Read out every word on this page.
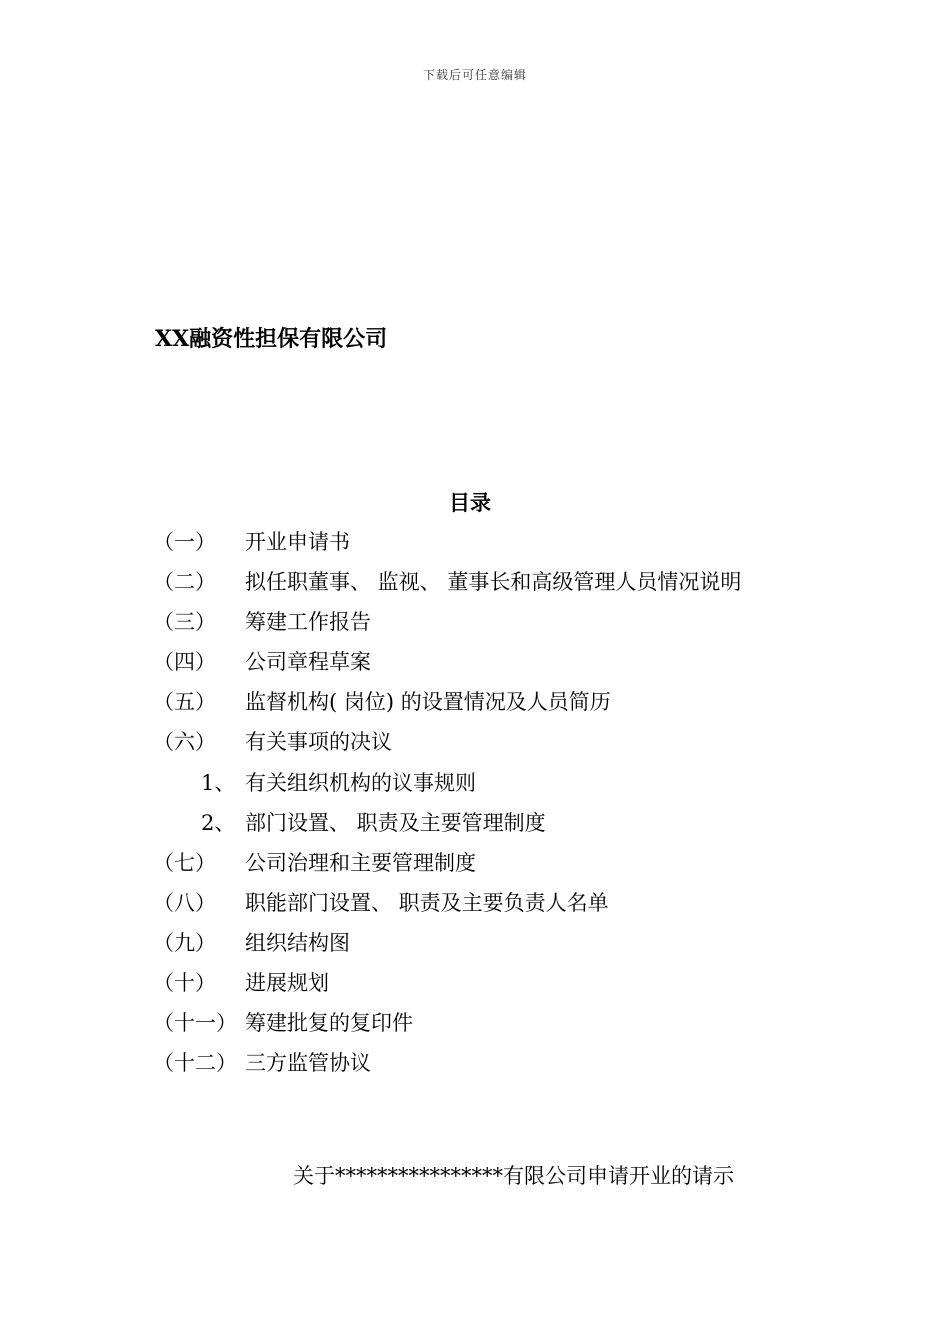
下载后可任意编辑
XX融资性担保有限公司
目录
（一） 开业申请书
（二） 拟任职董事、 监视、 董事长和高级管理人员情况说明
（三） 筹建工作报告
（四） 公司章程草案
（五） 监督机构( 岗位) 的设置情况及人员简历
（六） 有关事项的决议
1、 有关组织机构的议事规则
2、 部门设置、 职责及主要管理制度
（七） 公司治理和主要管理制度
（八） 职能部门设置、 职责及主要负责人名单
（九） 组织结构图
（十） 进展规划
（十一） 筹建批复的复印件
（十二） 三方监管协议
关于****************有限公司申请开业的请示
